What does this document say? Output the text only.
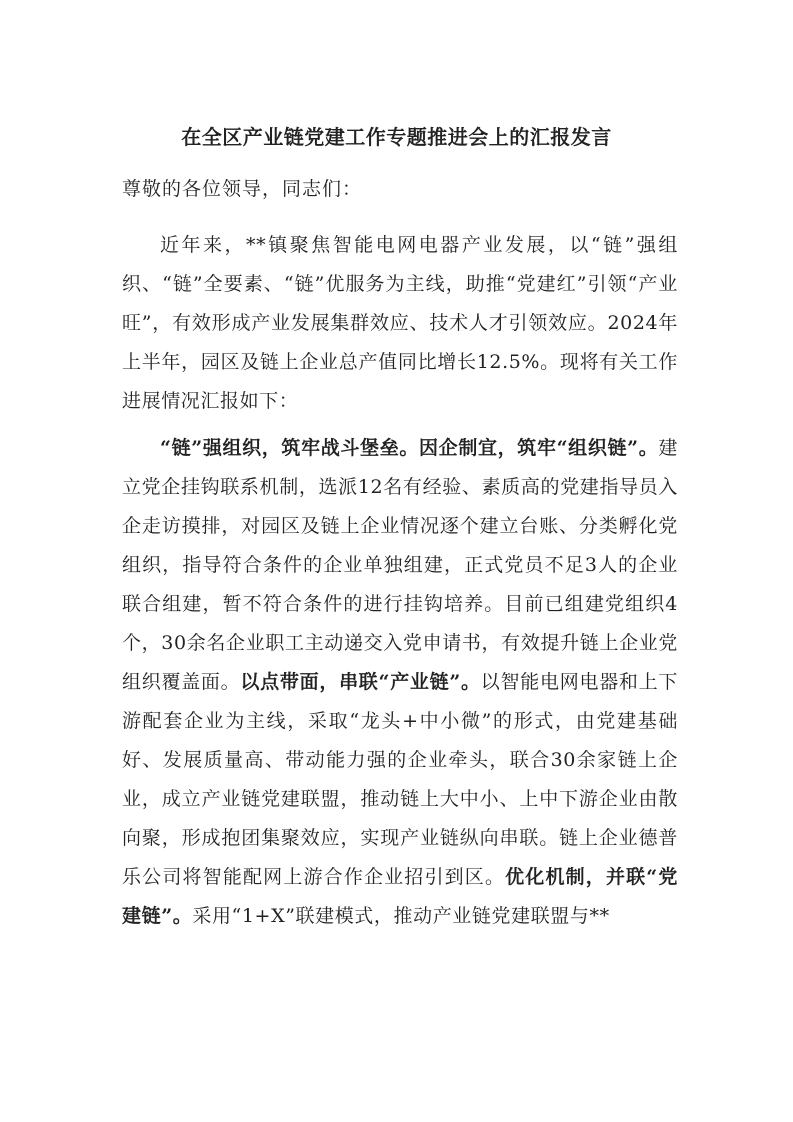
在全区产业链党建工作专题推进会上的汇报发言
尊敬的各位领导，同志们：

近年来，**镇聚焦智能电网电器产业发展，以“链”强组织、“链”全要素、“链”优服务为主线，助推“党建红”引领“产业旺”，有效形成产业发展集群效应、技术人才引领效应。2024年上半年，园区及链上企业总产值同比增长12.5%。现将有关工作进展情况汇报如下：

“链”强组织，筑牢战斗堡垒。因企制宜，筑牢“组织链”。建立党企挂钩联系机制，选派12名有经验、素质高的党建指导员入企走访摸排，对园区及链上企业情况逐个建立台账、分类孵化党组织，指导符合条件的企业单独组建，正式党员不足3人的企业联合组建，暂不符合条件的进行挂钩培养。目前已组建党组织4个，30余名企业职工主动递交入党申请书，有效提升链上企业党组织覆盖面。以点带面，串联“产业链”。以智能电网电器和上下游配套企业为主线，采取“龙头+中小微”的形式，由党建基础好、发展质量高、带动能力强的企业牵头，联合30余家链上企业，成立产业链党建联盟，推动链上大中小、上中下游企业由散向聚，形成抱团集聚效应，实现产业链纵向串联。链上企业德普乐公司将智能配网上游合作企业招引到区。优化机制，并联“党建链”。采用“1+X”联建模式，推动产业链党建联盟与**
